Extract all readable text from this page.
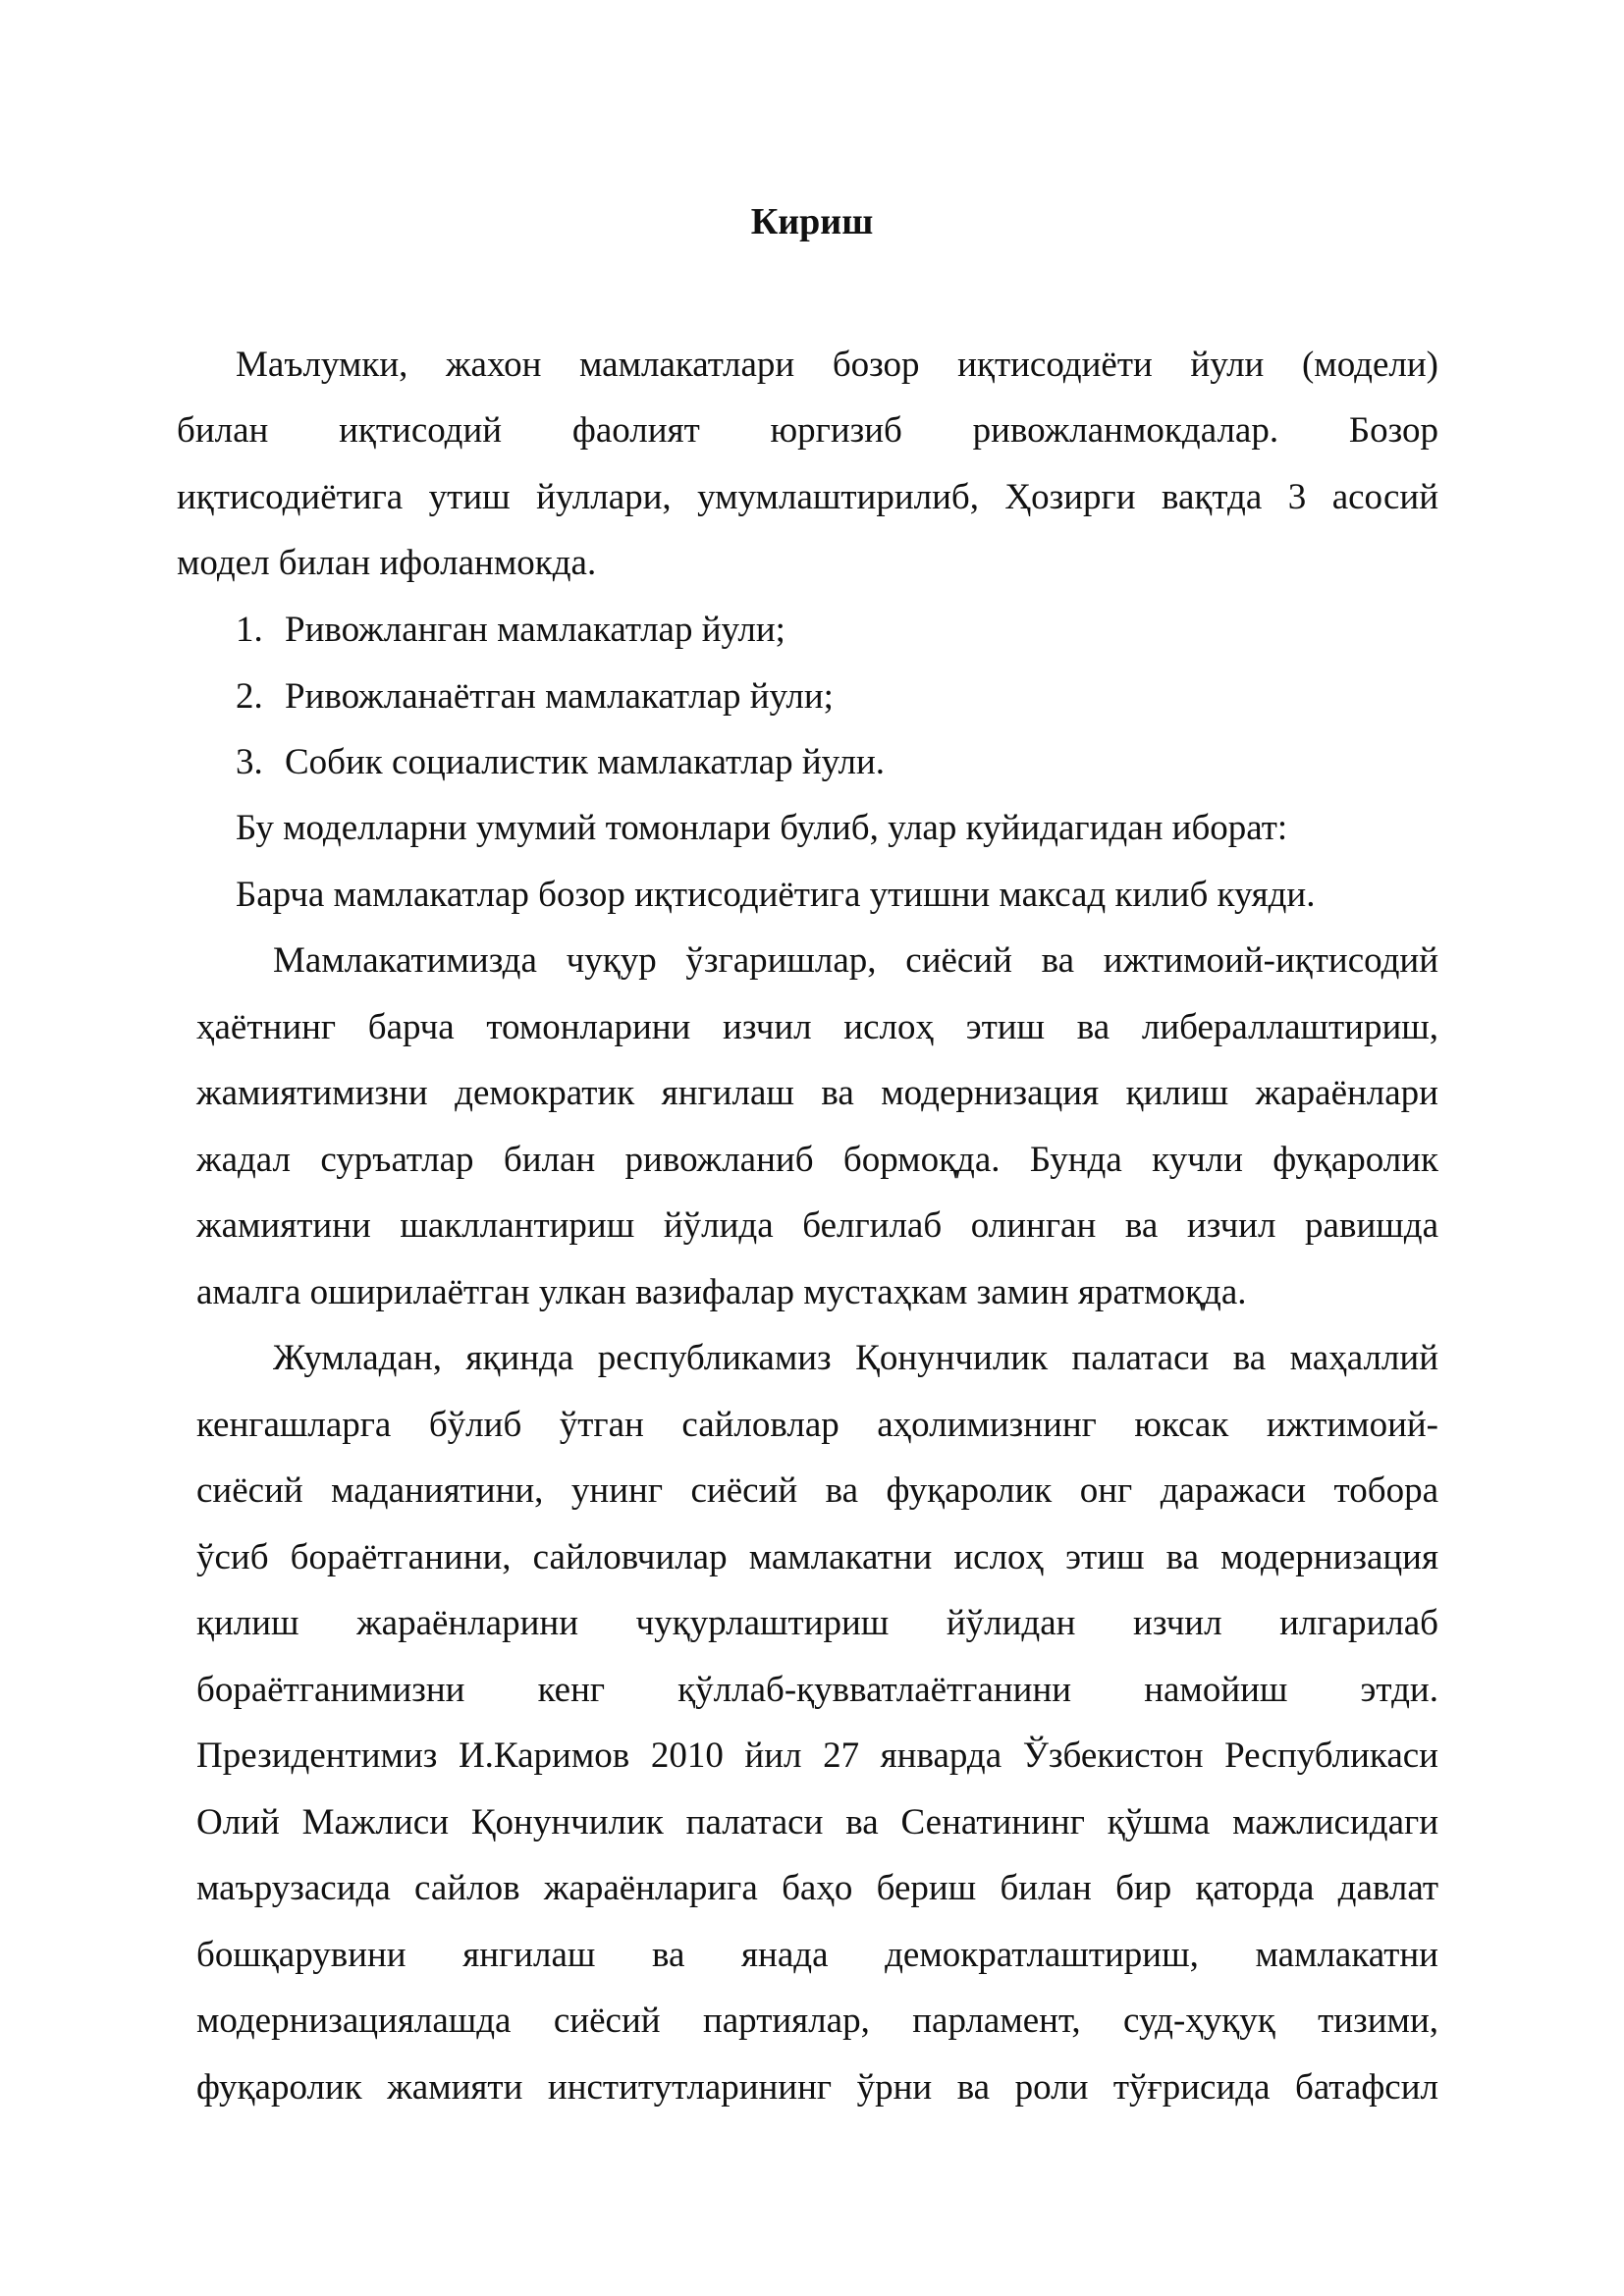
Кириш

Маълумки, жахон мамлакатлари бозор иқтисодиёти йули (модели)

билан иқтисодий фаолият юргизиб ривожланмокдалар. Бозор

иқтисодиётига утиш йуллари, умумлаштирилиб, Ҳозирги вақтда 3 асосий

модел билан ифоланмокда.

1. Ривожланган мамлакатлар йули;

2. Ривожланаётган мамлакатлар йули;

3. Собик социалистик мамлакатлар йули.

Бу моделларни умумий томонлари булиб, улар куйидагидан иборат:

Барча мамлакатлар бозор иқтисодиётига утишни максад килиб куяди.

Мамлакатимизда чуқур ўзгаришлар, сиёсий ва ижтимоий-иқтисодий

ҳаётнинг барча томонларини изчил ислоҳ этиш ва либераллаштириш,

жамиятимизни демократик янгилаш ва модернизация қилиш жараёнлари

жадал суръатлар билан ривожланиб бормоқда. Бунда кучли фуқаролик

жамиятини шакллантириш йўлида белгилаб олинган ва изчил равишда

амалга оширилаётган улкан вазифалар мустаҳкам замин яратмоқда.

Жумладан, яқинда республикамиз Қонунчилик палатаси ва маҳаллий

кенгашларга бўлиб ўтган сайловлар аҳолимизнинг юксак ижтимоий-

сиёсий маданиятини, унинг сиёсий ва фуқаролик онг даражаси тобора

ўсиб бораётганини, сайловчилар мамлакатни ислоҳ этиш ва модернизация

қилиш жараёнларини чуқурлаштириш йўлидан изчил илгарилаб

бораётганимизни кенг қўллаб-қувватлаётганини намойиш этди.

Президентимиз И.Каримов 2010 йил 27 январда Ўзбекистон Республикаси

Олий Мажлиси Қонунчилик палатаси ва Сенатининг қўшма мажлисидаги

маърузасида сайлов жараёнларига баҳо бериш билан бир қаторда давлат

бошқарувини янгилаш ва янада демократлаштириш, мамлакатни

модернизациялашда сиёсий партиялар, парламент, суд-ҳуқуқ тизими,

фуқаролик жамияти институтларининг ўрни ва роли тўғрисида батафсил
